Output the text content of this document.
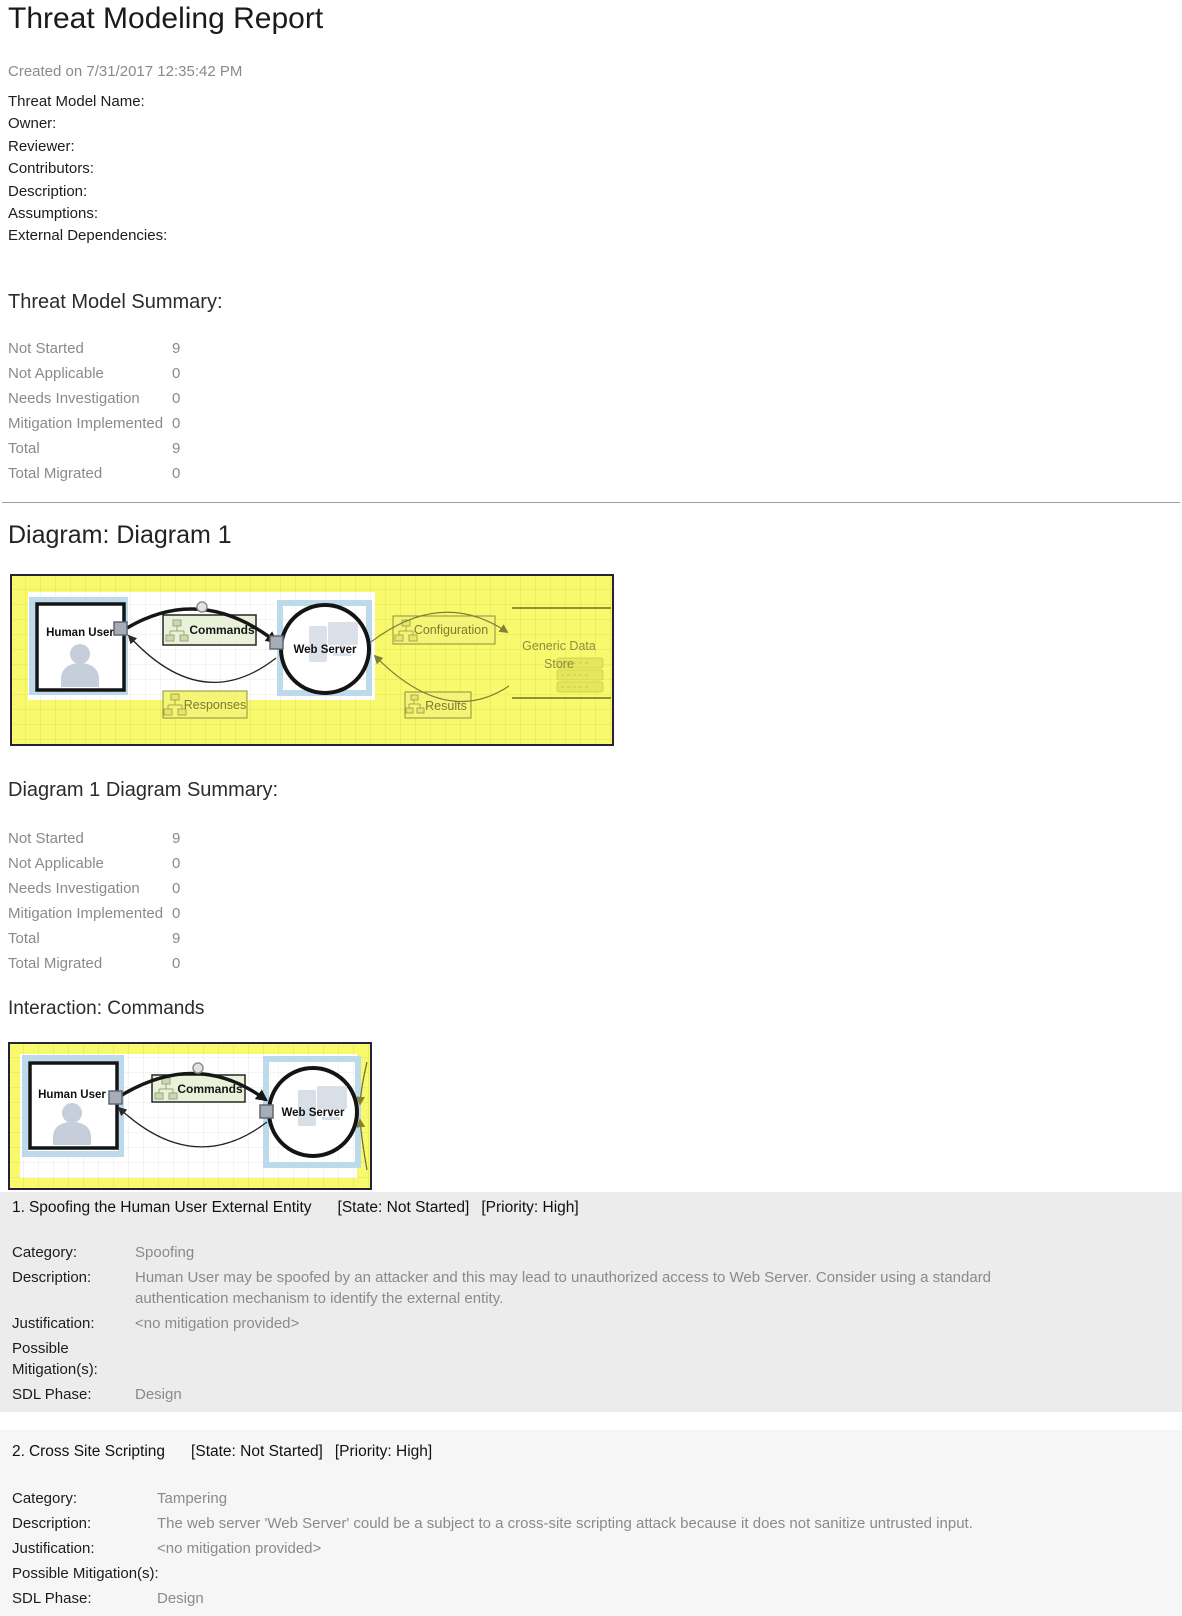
Threat Modeling Report
Created on 7/31/2017 12:35:42 PM
Threat Model Name:
Owner:
Reviewer:
Contributors:
Description:
Assumptions:
External Dependencies:
Threat Model Summary:
Not Started	9
Not Applicable	0
Needs Investigation	0
Mitigation Implemented 0
Total	9
Total Migrated	0
Diagram: Diagram 1
Human User
Web Server
Commands	Configuration
Generic Data
Store
Responses	Results
Diagram 1 Diagram Summary:
Not Started	9
Not Applicable	0
Needs Investigation	0
Mitigation Implemented 0
Total	9
Total Migrated	0
Interaction: Commands
Human User
Web Server
Commands
1. Spoofing the Human User External Entity [State: Not Started] [Priority: High]
Category:	Spoofing
Description:	Human User may be spoofed by an attacker and this may lead to unauthorized access to Web Server. Consider using a standard authentication mechanism to identify the external entity.
Justification:	<no mitigation provided>
Possible Mitigation(s):
SDL Phase:	Design
2. Cross Site Scripting [State: Not Started] [Priority: High]
Category:	Tampering
Description:	The web server 'Web Server' could be a subject to a cross-site scripting attack because it does not sanitize untrusted input.
Justification:	<no mitigation provided>
Possible Mitigation(s):
SDL Phase:	Design
